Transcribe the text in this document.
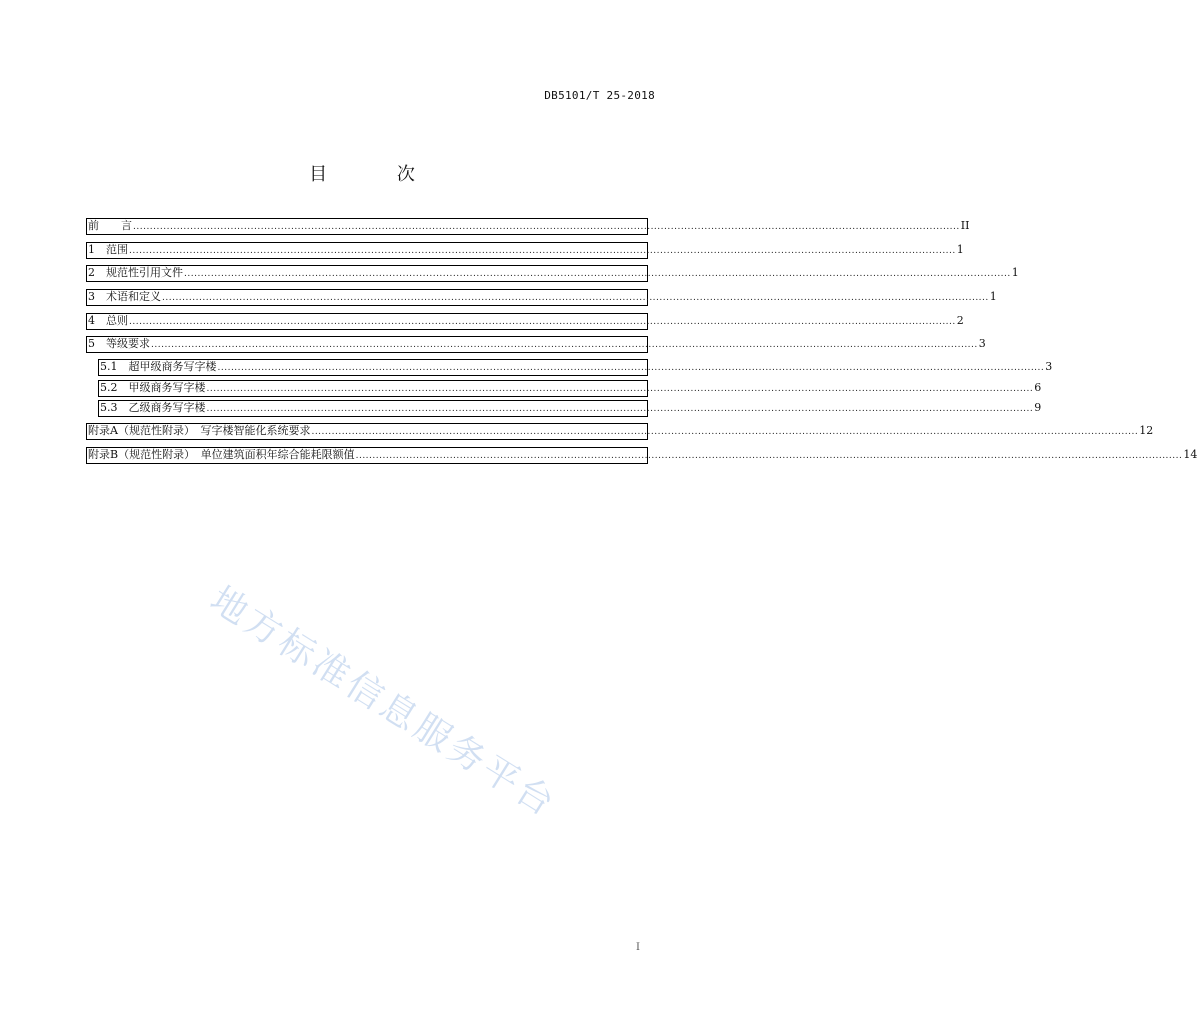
DB5101/T 25-2018
目 次
前　　言 ...................................................................................................................................................................................................................................................... II
1　范围 ...................................................................................................................................................................................................................................................... 1
2　规范性引用文件 ...................................................................................................................................................................................................................................................... 1
3　术语和定义 ...................................................................................................................................................................................................................................................... 1
4　总则 ...................................................................................................................................................................................................................................................... 2
5　等级要求 ...................................................................................................................................................................................................................................................... 3
5.1　超甲级商务写字楼 ...................................................................................................................................................................................................................................................... 3
5.2　甲级商务写字楼 ...................................................................................................................................................................................................................................................... 6
5.3　乙级商务写字楼 ...................................................................................................................................................................................................................................................... 9
附录A（规范性附录）　写字楼智能化系统要求 ...................................................................................................................................................................................................................................................... 12
附录B（规范性附录）　单位建筑面积年综合能耗限额值 ...................................................................................................................................................................................................................................................... 14
地方标准信息服务平台
I
